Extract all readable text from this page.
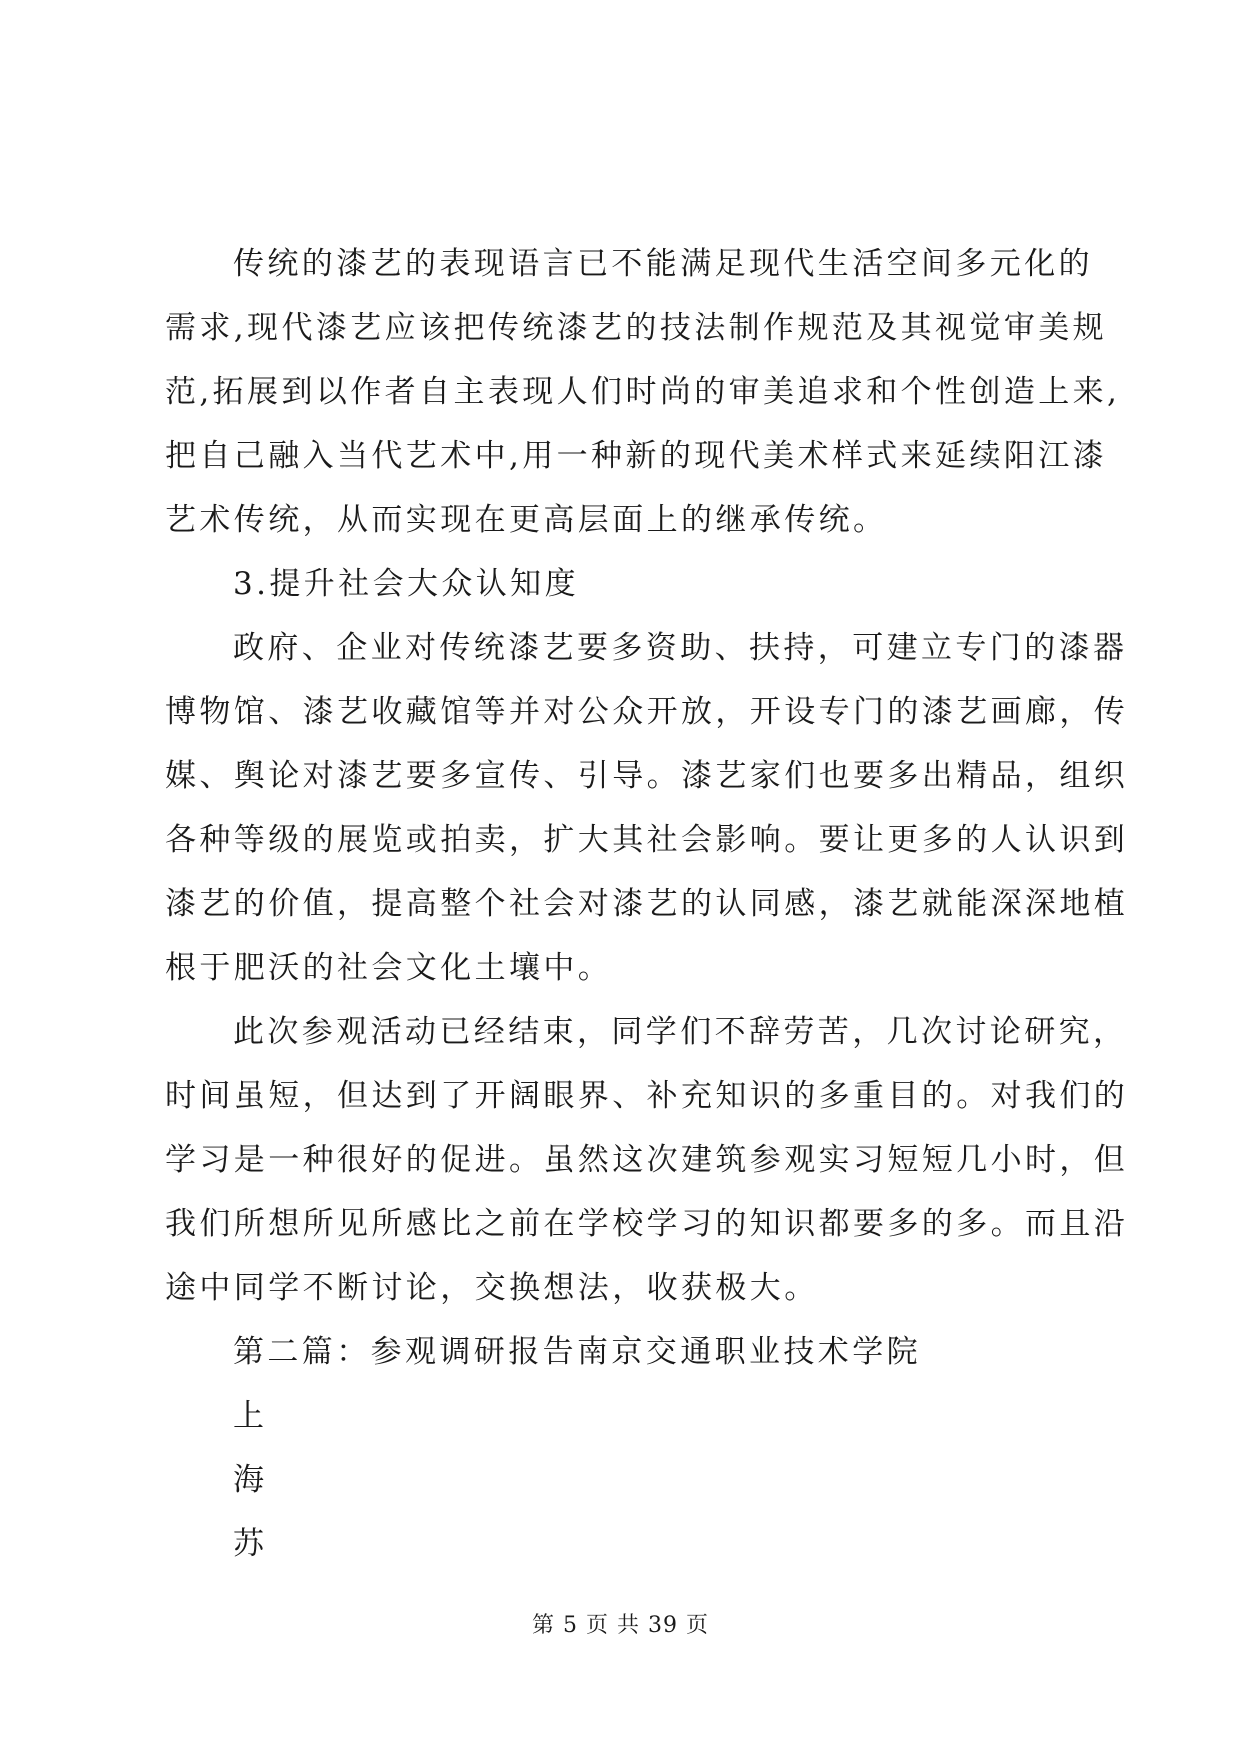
传统的漆艺的表现语言已不能满足现代生活空间多元化的
需求,现代漆艺应该把传统漆艺的技法制作规范及其视觉审美规
范,拓展到以作者自主表现人们时尚的审美追求和个性创造上来,
把自己融入当代艺术中,用一种新的现代美术样式来延续阳江漆
艺术传统，从而实现在更高层面上的继承传统。
3.提升社会大众认知度
政府、企业对传统漆艺要多资助、扶持，可建立专门的漆器
博物馆、漆艺收藏馆等并对公众开放，开设专门的漆艺画廊，传
媒、舆论对漆艺要多宣传、引导。漆艺家们也要多出精品，组织
各种等级的展览或拍卖，扩大其社会影响。要让更多的人认识到
漆艺的价值，提高整个社会对漆艺的认同感，漆艺就能深深地植
根于肥沃的社会文化土壤中。
此次参观活动已经结束，同学们不辞劳苦，几次讨论研究，
时间虽短，但达到了开阔眼界、补充知识的多重目的。对我们的
学习是一种很好的促进。虽然这次建筑参观实习短短几小时，但
我们所想所见所感比之前在学校学习的知识都要多的多。而且沿
途中同学不断讨论，交换想法，收获极大。
第二篇：参观调研报告南京交通职业技术学院
上
海
苏
第 5 页 共 39 页
